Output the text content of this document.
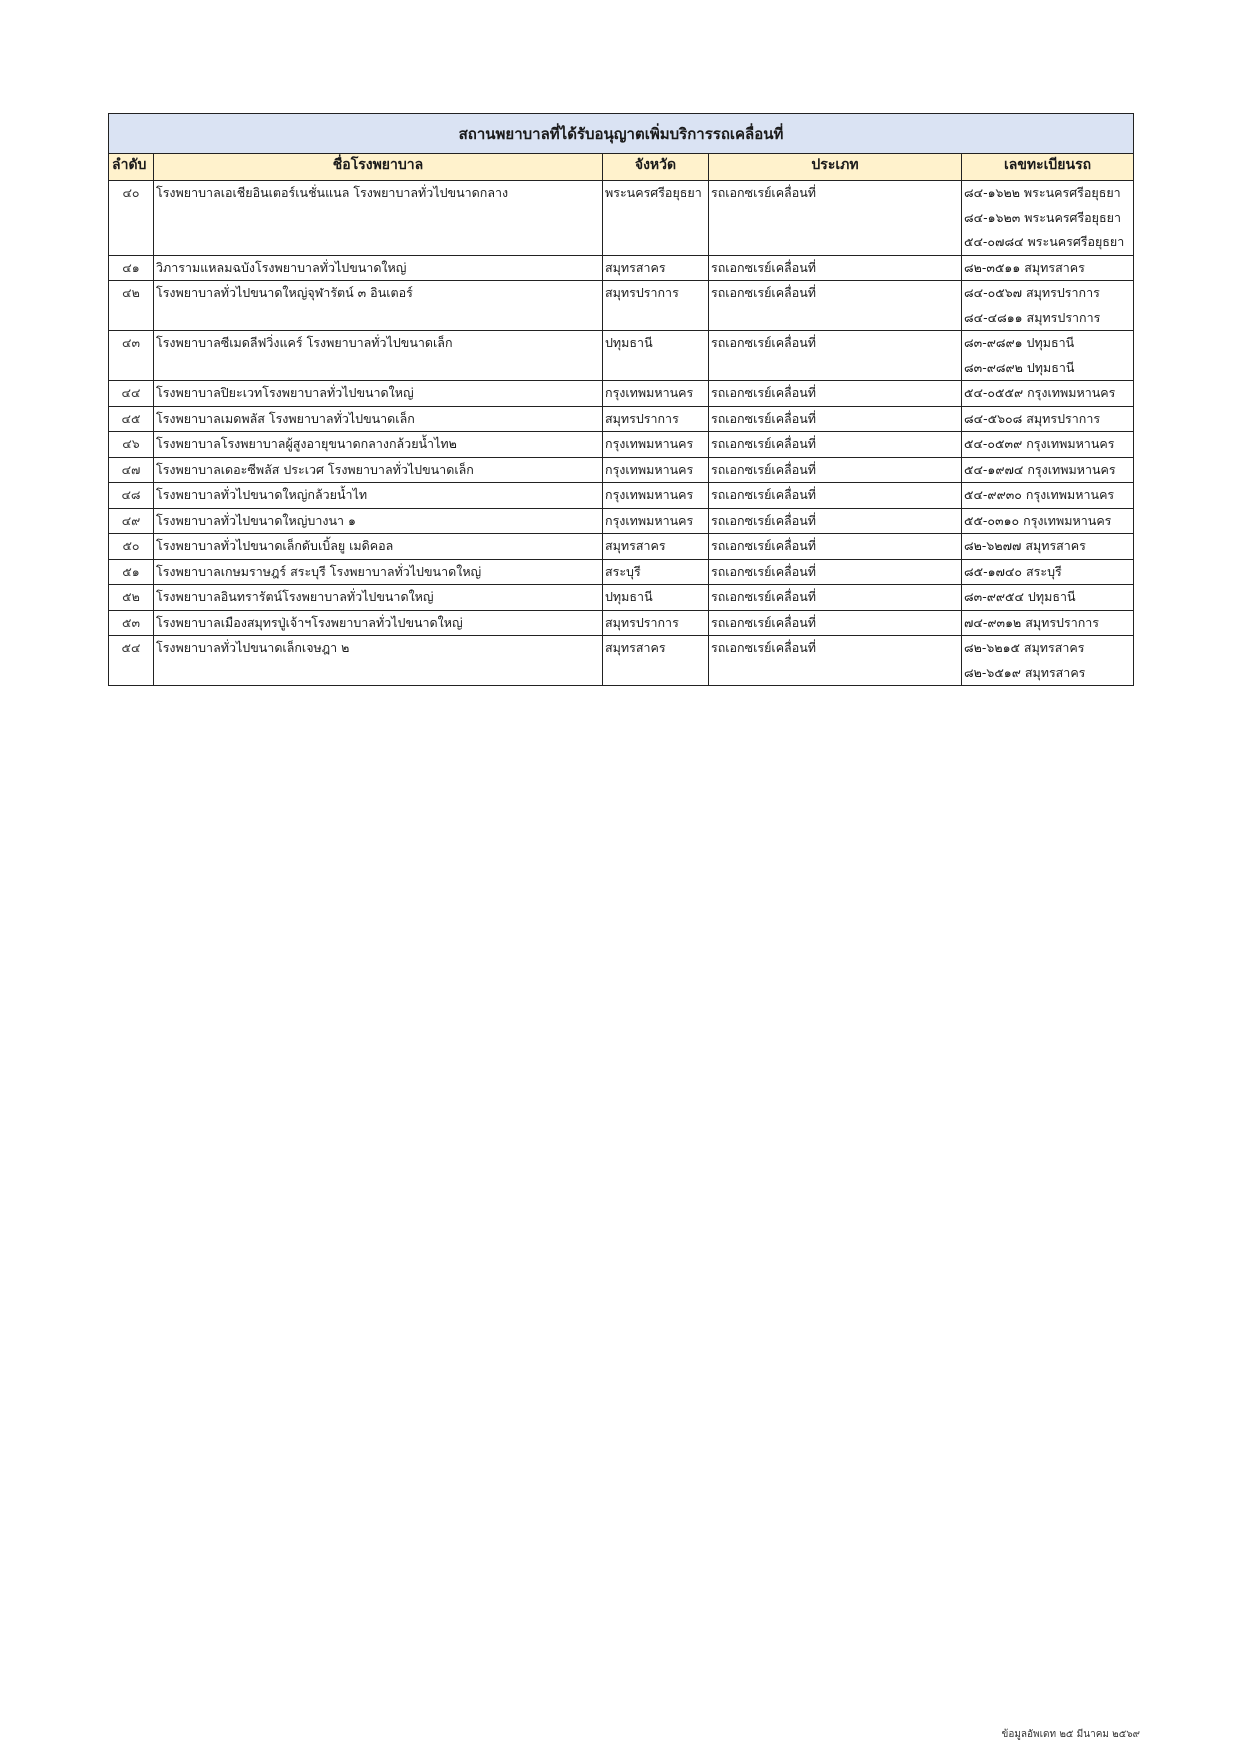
สถานพยาบาลที่ได้รับอนุญาตเพิ่มบริการรถเคลื่อนที่				
ลำดับ	ชื่อโรงพยาบาล	จังหวัด	ประเภท	เลขทะเบียนรถ

๔๐	โรงพยาบาลเอเชียอินเตอร์เนชั่นแนล โรงพยาบาลทั่วไปขนาดกลาง	พระนครศรีอยุธยา	รถเอกซเรย์เคลื่อนที่	๘๔-๑๖๒๒ พระนครศรีอยุธยา
๘๔-๑๖๒๓ พระนครศรีอยุธยา
๕๔-๐๗๘๔ พระนครศรีอยุธยา

๔๑	วิภารามแหลมฉบังโรงพยาบาลทั่วไปขนาดใหญ่	สมุทรสาคร	รถเอกซเรย์เคลื่อนที่	๘๒-๓๕๑๑ สมุทรสาคร

๔๒	โรงพยาบาลทั่วไปขนาดใหญ่จุฬารัตน์ ๓ อินเตอร์	สมุทรปราการ	รถเอกซเรย์เคลื่อนที่	๘๔-๐๕๖๗ สมุทรปราการ
๘๔-๔๘๑๑ สมุทรปราการ

๔๓	โรงพยาบาลซีเมดลีฟวิ่งแคร์ โรงพยาบาลทั่วไปขนาดเล็ก	ปทุมธานี	รถเอกซเรย์เคลื่อนที่	๘๓-๙๘๙๑ ปทุมธานี
๘๓-๙๘๙๒ ปทุมธานี

๔๔	โรงพยาบาลปิยะเวทโรงพยาบาลทั่วไปขนาดใหญ่	กรุงเทพมหานคร	รถเอกซเรย์เคลื่อนที่	๕๔-๐๕๕๙ กรุงเทพมหานคร

๔๕	โรงพยาบาลเมดพลัส โรงพยาบาลทั่วไปขนาดเล็ก	สมุทรปราการ	รถเอกซเรย์เคลื่อนที่	๘๔-๕๖๐๘ สมุทรปราการ

๔๖	โรงพยาบาลโรงพยาบาลผู้สูงอายุขนาดกลางกล้วยน้ำไท๒	กรุงเทพมหานคร	รถเอกซเรย์เคลื่อนที่	๕๔-๐๕๓๙ กรุงเทพมหานคร

๔๗	โรงพยาบาลเดอะซีพลัส ประเวศ โรงพยาบาลทั่วไปขนาดเล็ก	กรุงเทพมหานคร	รถเอกซเรย์เคลื่อนที่	๕๔-๑๙๗๔ กรุงเทพมหานคร

๔๘	โรงพยาบาลทั่วไปขนาดใหญ่กล้วยน้ำไท	กรุงเทพมหานคร	รถเอกซเรย์เคลื่อนที่	๕๔-๙๙๓๐ กรุงเทพมหานคร

๔๙	โรงพยาบาลทั่วไปขนาดใหญ่บางนา ๑	กรุงเทพมหานคร	รถเอกซเรย์เคลื่อนที่	๕๕-๐๓๑๐ กรุงเทพมหานคร

๕๐	โรงพยาบาลทั่วไปขนาดเล็กดับเบิ้ลยู เมดิคอล	สมุทรสาคร	รถเอกซเรย์เคลื่อนที่	๘๒-๖๒๗๗ สมุทรสาคร

๕๑	โรงพยาบาลเกษมราษฎร์ สระบุรี โรงพยาบาลทั่วไปขนาดใหญ่	สระบุรี	รถเอกซเรย์เคลื่อนที่	๘๕-๑๗๔๐ สระบุรี

๕๒	โรงพยาบาลอินทรารัตน์โรงพยาบาลทั่วไปขนาดใหญ่	ปทุมธานี	รถเอกซเรย์เคลื่อนที่	๘๓-๙๙๕๔ ปทุมธานี

๕๓	โรงพยาบาลเมืองสมุทรปู่เจ้าฯโรงพยาบาลทั่วไปขนาดใหญ่	สมุทรปราการ	รถเอกซเรย์เคลื่อนที่	๗๔-๙๓๑๒ สมุทรปราการ

๕๔	โรงพยาบาลทั่วไปขนาดเล็กเจษฎา ๒	สมุทรสาคร	รถเอกซเรย์เคลื่อนที่	๘๒-๖๒๑๕ สมุทรสาคร
๘๒-๖๕๑๙ สมุทรสาคร
ข้อมูลอัพเดท ๒๕ มีนาคม ๒๕๖๙
